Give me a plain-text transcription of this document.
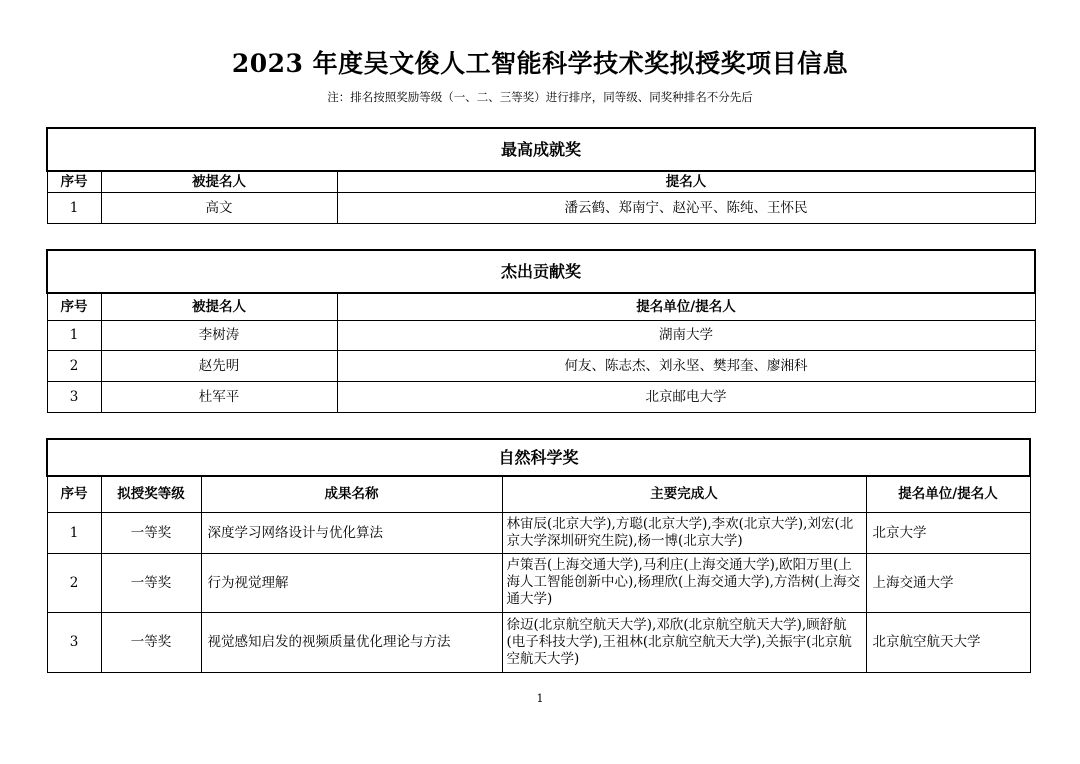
2023 年度吴文俊人工智能科学技术奖拟授奖项目信息
注：排名按照奖励等级（一、二、三等奖）进行排序，同等级、同奖种排名不分先后
最高成就奖		
序号	被提名人	提名人
1	高文	潘云鹤、郑南宁、赵沁平、陈纯、王怀民
杰出贡献奖		
序号	被提名人	提名单位/提名人
1	李树涛	湖南大学
2	赵先明	何友、陈志杰、刘永坚、樊邦奎、廖湘科
3	杜军平	北京邮电大学
自然科学奖				
序号	拟授奖等级	成果名称	主要完成人	提名单位/提名人
1	一等奖	深度学习网络设计与优化算法	林宙辰(北京大学),方聪(北京大学),李欢(北京大学),刘宏(北京大学深圳研究生院),杨一博(北京大学)	北京大学
2	一等奖	行为视觉理解	卢策吾(上海交通大学),马利庄(上海交通大学),欧阳万里(上海人工智能创新中心),杨理欣(上海交通大学),方浩树(上海交通大学)	上海交通大学
3	一等奖	视觉感知启发的视频质量优化理论与方法	徐迈(北京航空航天大学),邓欣(北京航空航天大学),顾舒航(电子科技大学),王祖林(北京航空航天大学),关振宇(北京航空航天大学)	北京航空航天大学
1
